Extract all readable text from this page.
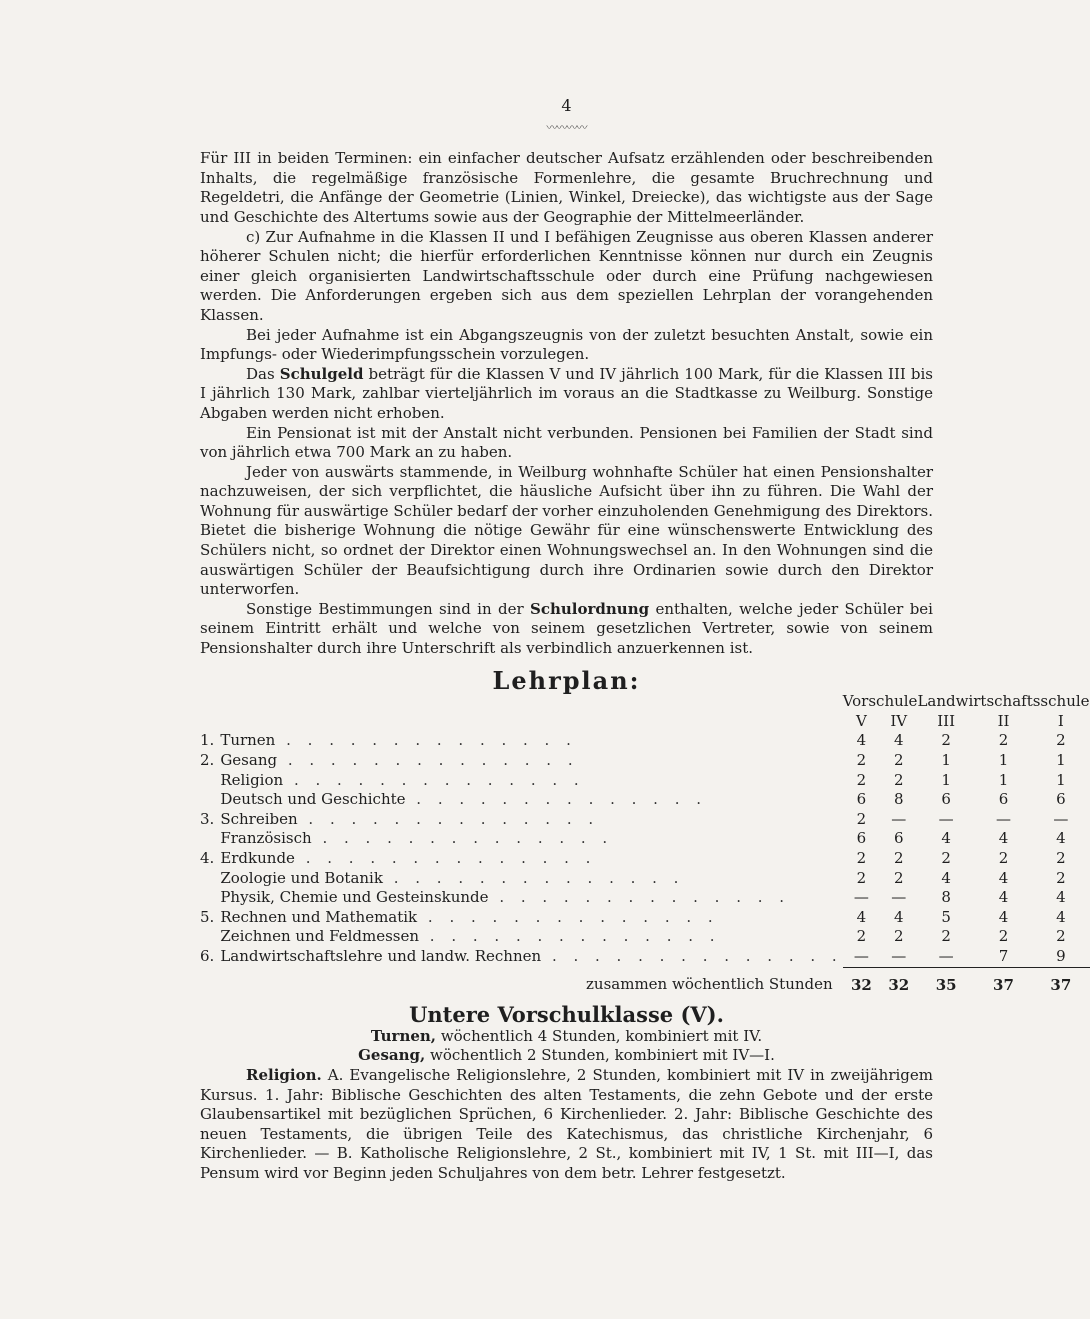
4
〰〰〰〰

Für III in beiden Terminen: ein einfacher deutscher Aufsatz erzählenden oder beschreibenden Inhalts, die regelmäßige französische Formenlehre, die gesamte Bruchrechnung und Regeldetri, die Anfänge der Geometrie (Linien, Winkel, Dreiecke), das wichtigste aus der Sage und Geschichte des Altertums sowie aus der Geographie der Mittelmeerländer.

c) Zur Aufnahme in die Klassen II und I befähigen Zeugnisse aus oberen Klassen anderer höherer Schulen nicht; die hierfür erforderlichen Kenntnisse können nur durch ein Zeugnis einer gleich organisierten Landwirtschaftsschule oder durch eine Prüfung nachgewiesen werden. Die Anforderungen ergeben sich aus dem speziellen Lehrplan der vorangehenden Klassen.

Bei jeder Aufnahme ist ein Abgangszeugnis von der zuletzt besuchten Anstalt, sowie ein Impfungs- oder Wiederimpfungsschein vorzulegen.

Das Schulgeld beträgt für die Klassen V und IV jährlich 100 Mark, für die Klassen III bis I jährlich 130 Mark, zahlbar vierteljährlich im voraus an die Stadtkasse zu Weilburg. Sonstige Abgaben werden nicht erhoben.

Ein Pensionat ist mit der Anstalt nicht verbunden. Pensionen bei Familien der Stadt sind von jährlich etwa 700 Mark an zu haben.

Jeder von auswärts stammende, in Weilburg wohnhafte Schüler hat einen Pensionshalter nachzuweisen, der sich verpflichtet, die häusliche Aufsicht über ihn zu führen. Die Wahl der Wohnung für auswärtige Schüler bedarf der vorher einzuholenden Genehmigung des Direktors. Bietet die bisherige Wohnung die nötige Gewähr für eine wünschenswerte Entwicklung des Schülers nicht, so ordnet der Direktor einen Wohnungswechsel an. In den Wohnungen sind die auswärtigen Schüler der Beaufsichtigung durch ihre Ordinarien sowie durch den Direktor unterworfen.

Sonstige Bestimmungen sind in der Schulordnung enthalten, welche jeder Schüler bei seinem Eintritt erhält und welche von seinem gesetzlichen Vertreter, sowie von seinem Pensionshalter durch ihre Unterschrift als verbindlich anzuerkennen ist.

Lehrplan:
		Vorschule		Landwirtschaftsschule		
		V	IV		III	II	I
1.	Turnen . . . . . . . . . . . . . .	4	4		2	2	2
2.	Gesang . . . . . . . . . . . . . .	2	2		1	1	1
	Religion . . . . . . . . . . . . . .	2	2		1	1	1
	Deutsch und Geschichte . . . . . . . . . . . . . .	6	8		6	6	6
3.	Schreiben . . . . . . . . . . . . . .	2	—		—	—	—
	Französisch . . . . . . . . . . . . . .	6	6		4	4	4
4.	Erdkunde . . . . . . . . . . . . . .	2	2		2	2	2
	Zoologie und Botanik . . . . . . . . . . . . . .	2	2		4	4	2
	Physik, Chemie und Gesteinskunde . . . . . . . . . . . . . .	—	—		8	4	4
5.	Rechnen und Mathematik . . . . . . . . . . . . . .	4	4		5	4	4
	Zeichnen und Feldmessen . . . . . . . . . . . . . .	2	2		2	2	2
6.	Landwirtschaftslehre und landw. Rechnen . . . . . . . . . . . . . .	—	—		—	7	9
	zusammen wöchentlich Stunden	32	32		35	37	37
Untere Vorschulklasse (V).
Turnen, wöchentlich 4 Stunden, kombiniert mit IV.
Gesang, wöchentlich 2 Stunden, kombiniert mit IV—I.

Religion. A. Evangelische Religionslehre, 2 Stunden, kombiniert mit IV in zweijährigem Kursus. 1. Jahr: Biblische Geschichten des alten Testaments, die zehn Gebote und der erste Glaubensartikel mit bezüglichen Sprüchen, 6 Kirchenlieder. 2. Jahr: Biblische Geschichte des neuen Testaments, die übrigen Teile des Katechismus, das christliche Kirchenjahr, 6 Kirchenlieder. — B. Katholische Religionslehre, 2 St., kombiniert mit IV, 1 St. mit III—I, das Pensum wird vor Beginn jeden Schuljahres von dem betr. Lehrer festgesetzt.
